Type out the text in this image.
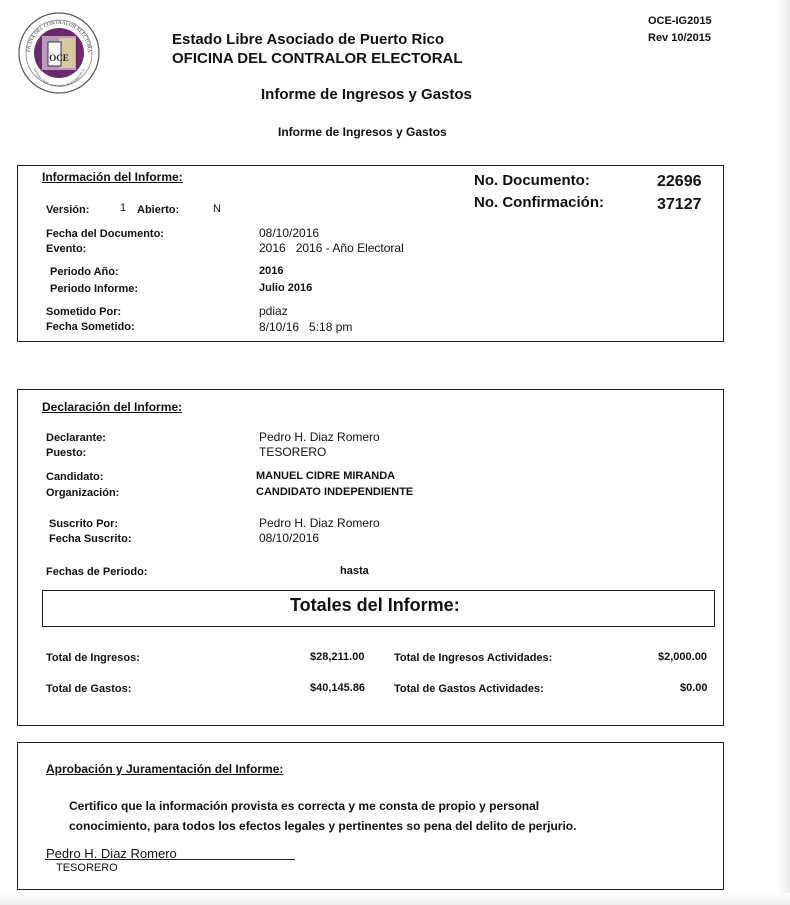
FICINA DEL CONTRALOR ELECTORA
ESTADO LIBRE ASOCIADO DE PUERTO RICO
OCE
Estado Libre Asociado de Puerto Rico
OFICINA DEL CONTRALOR ELECTORAL
OCE-IG2015
Rev 10/2015
Informe de Ingresos y Gastos
Informe de Ingresos y Gastos
Información del Informe:	No. Documento:	22696
No. Confirmación:	37127
Versión:	1 Abierto:	N
Fecha del Documento:	08/10/2016
Evento:	2016   2016 - Año Electoral
Periodo Año:	2016
Periodo Informe:	Julio 2016
Sometido Por:	pdiaz
Fecha Sometido:	8/10/16   5:18 pm
Declaración del Informe:
Declarante:	Pedro H. Diaz Romero
Puesto:	TESORERO
Candidato:	MANUEL CIDRE MIRANDA
Organización:	CANDIDATO INDEPENDIENTE
Suscrito Por:	Pedro H. Diaz Romero
Fecha Suscrito:	08/10/2016
Fechas de Periodo:	hasta
Totales del Informe:
Total de Ingresos:	$28,211.00	Total de Ingresos Actividades:	$2,000.00
Total de Gastos:	$40,145.86	Total de Gastos Actividades:	$0.00
Aprobación y Juramentación del Informe:
Certifico que la información provista es correcta y me consta de propio y personal
conocimiento, para todos los efectos legales y pertinentes so pena del delito de perjurio.
Pedro H. Diaz Romero
TESORERO
